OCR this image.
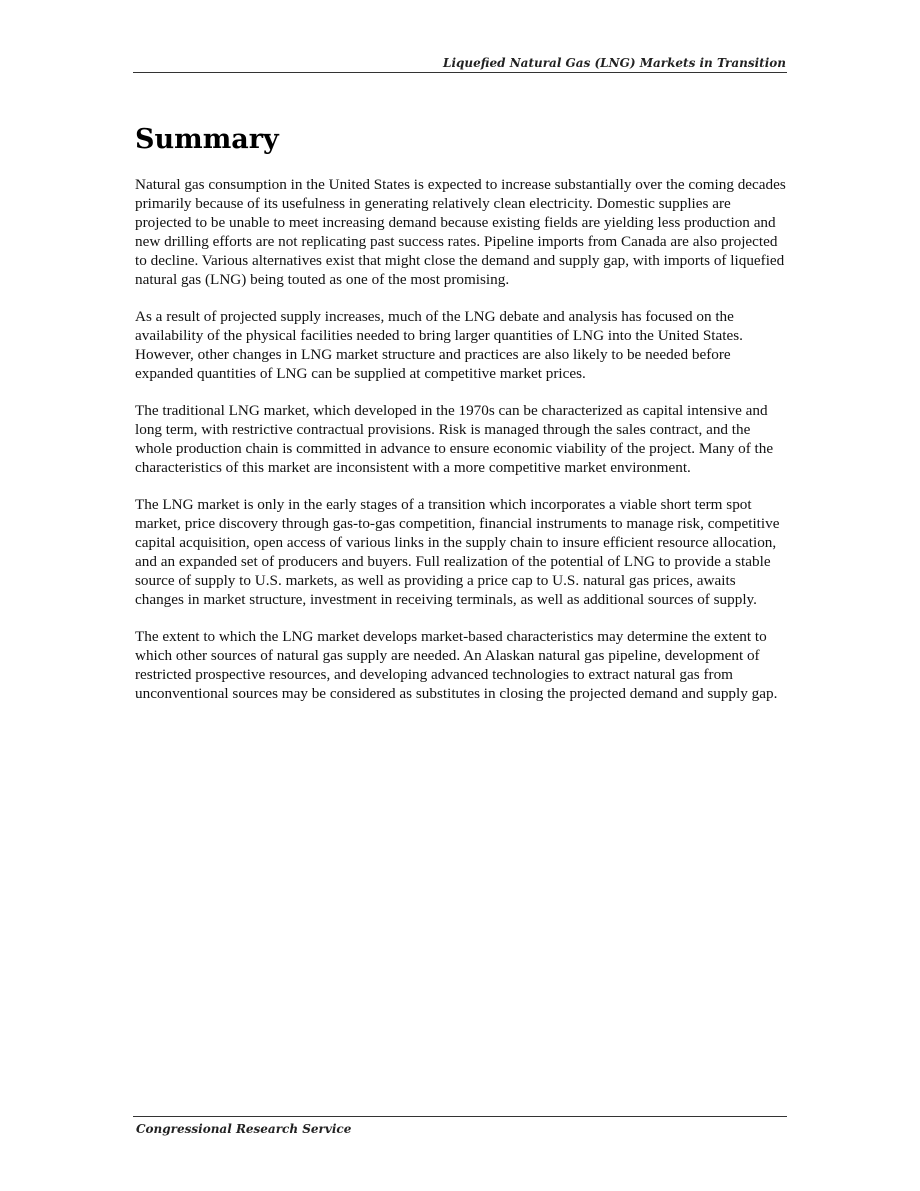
Liquefied Natural Gas (LNG) Markets in Transition
Summary

Natural gas consumption in the United States is expected to increase substantially over the coming decades primarily because of its usefulness in generating relatively clean electricity. Domestic supplies are projected to be unable to meet increasing demand because existing fields are yielding less production and new drilling efforts are not replicating past success rates. Pipeline imports from Canada are also projected to decline. Various alternatives exist that might close the demand and supply gap, with imports of liquefied natural gas (LNG) being touted as one of the most promising.

As a result of projected supply increases, much of the LNG debate and analysis has focused on the availability of the physical facilities needed to bring larger quantities of LNG into the United States. However, other changes in LNG market structure and practices are also likely to be needed before expanded quantities of LNG can be supplied at competitive market prices.

The traditional LNG market, which developed in the 1970s can be characterized as capital intensive and long term, with restrictive contractual provisions. Risk is managed through the sales contract, and the whole production chain is committed in advance to ensure economic viability of the project. Many of the characteristics of this market are inconsistent with a more competitive market environment.

The LNG market is only in the early stages of a transition which incorporates a viable short term spot market, price discovery through gas-to-gas competition, financial instruments to manage risk, competitive capital acquisition, open access of various links in the supply chain to insure efficient resource allocation, and an expanded set of producers and buyers. Full realization of the potential of LNG to provide a stable source of supply to U.S. markets, as well as providing a price cap to U.S. natural gas prices, awaits changes in market structure, investment in receiving terminals, as well as additional sources of supply.

The extent to which the LNG market develops market-based characteristics may determine the extent to which other sources of natural gas supply are needed. An Alaskan natural gas pipeline, development of restricted prospective resources, and developing advanced technologies to extract natural gas from unconventional sources may be considered as substitutes in closing the projected demand and supply gap.

Congressional Research Service
